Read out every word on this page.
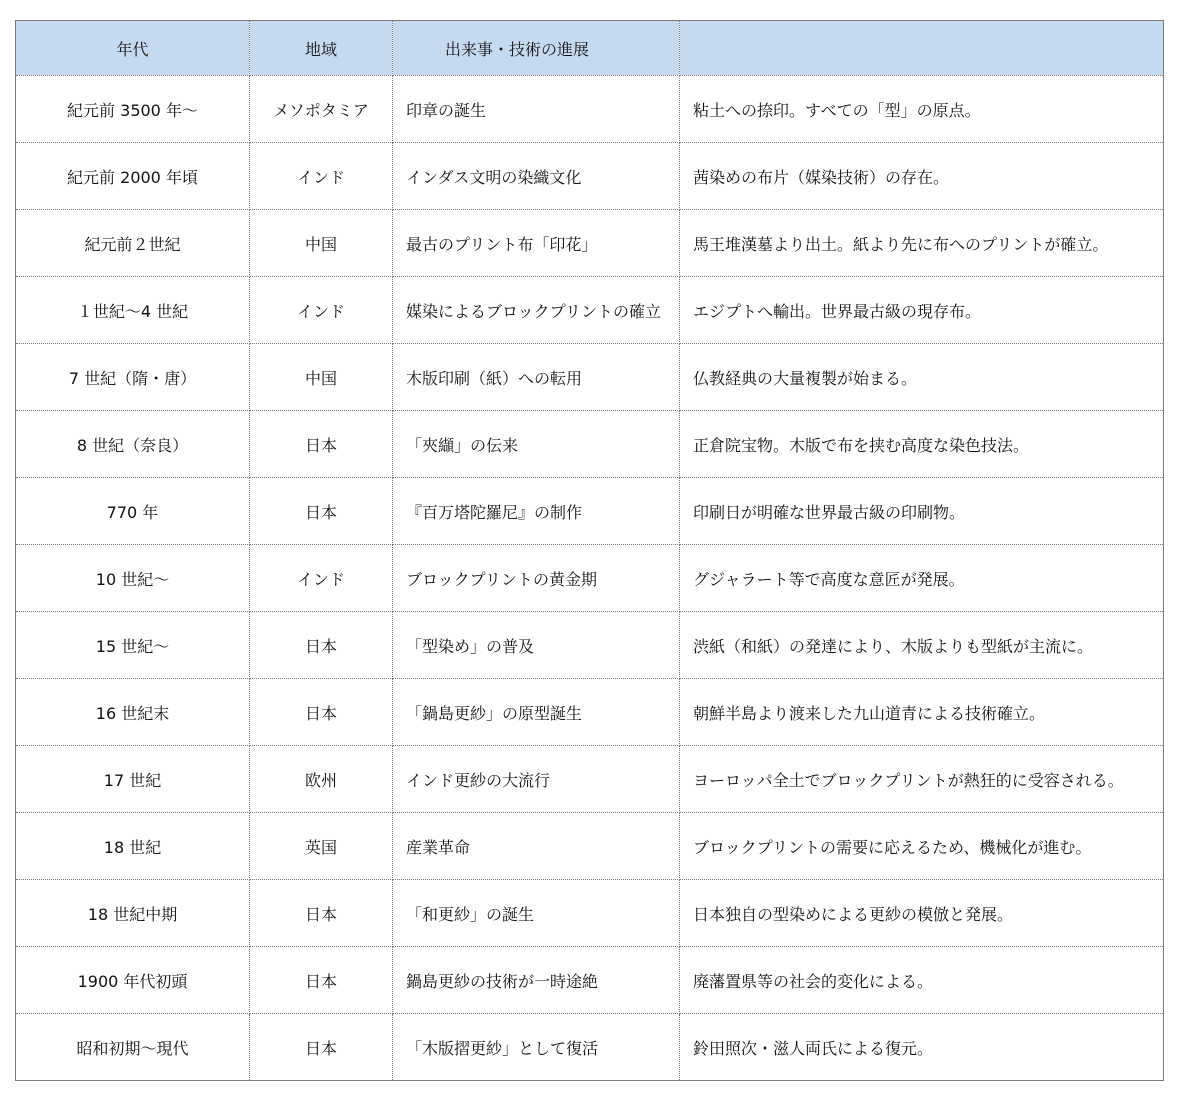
年代	地域	出来事・技術の進展	
紀元前 3500 年～	メソポタミア	印章の誕生	粘土への捺印。すべての「型」の原点。
紀元前 2000 年頃	インド	インダス文明の染織文化	茜染めの布片（媒染技術）の存在。
紀元前２世紀	中国	最古のプリント布「印花」	馬王堆漢墓より出土。紙より先に布へのプリントが確立。
１世紀～4 世紀	インド	媒染によるブロックプリントの確立	エジプトへ輸出。世界最古級の現存布。
7 世紀（隋・唐）	中国	木版印刷（紙）への転用	仏教経典の大量複製が始まる。
8 世紀（奈良）	日本	「夾纈」の伝来	正倉院宝物。木版で布を挟む高度な染色技法。
770 年	日本	『百万塔陀羅尼』の制作	印刷日が明確な世界最古級の印刷物。
10 世紀～	インド	ブロックプリントの黄金期	グジャラート等で高度な意匠が発展。
15 世紀～	日本	「型染め」の普及	渋紙（和紙）の発達により、木版よりも型紙が主流に。
16 世紀末	日本	「鍋島更紗」の原型誕生	朝鮮半島より渡来した九山道青による技術確立。
17 世紀	欧州	インド更紗の大流行	ヨーロッパ全土でブロックプリントが熱狂的に受容される。
18 世紀	英国	産業革命	ブロックプリントの需要に応えるため、機械化が進む。
18 世紀中期	日本	「和更紗」の誕生	日本独自の型染めによる更紗の模倣と発展。
1900 年代初頭	日本	鍋島更紗の技術が一時途絶	廃藩置県等の社会的変化による。
昭和初期～現代	日本	「木版摺更紗」として復活	鈴田照次・滋人両氏による復元。
